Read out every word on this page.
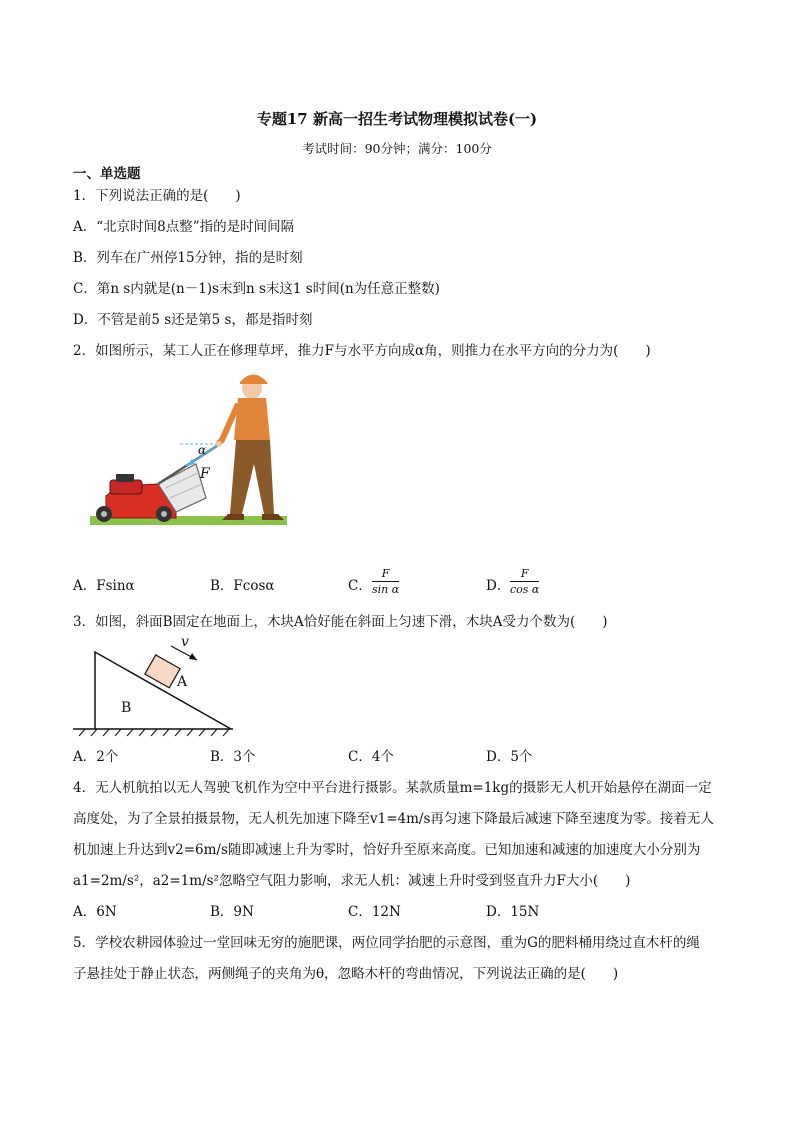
专题17 新高一招生考试物理模拟试卷(一)
考试时间：90分钟；满分：100分
一、单选题
1．下列说法正确的是(　　)
A．“北京时间8点整”指的是时间间隔
B．列车在广州停15分钟，指的是时刻
C．第n s内就是(n－1)s末到n s末这1 s时间(n为任意正整数)
D．不管是前5 s还是第5 s，都是指时刻
2．如图所示，某工人正在修理草坪，推力F与水平方向成α角，则推力在水平方向的分力为(　　)
α
F
A．Fsinα	B．Fcosα	C．
F
sin α	D．
F
cos α
3．如图，斜面B固定在地面上，木块A恰好能在斜面上匀速下滑，木块A受力个数为(　　)
v
A
B
A．2个	B．3个	C．4个	D．5个
4．无人机航拍以无人驾驶飞机作为空中平台进行摄影。某款质量m=1kg的摄影无人机开始悬停在湖面一定
高度处，为了全景拍摄景物，无人机先加速下降至v1=4m/s再匀速下降最后减速下降至速度为零。接着无人
机加速上升达到v2=6m/s随即减速上升为零时，恰好升至原来高度。已知加速和减速的加速度大小分别为
a1=2m/s²，a2=1m/s²忽略空气阻力影响，求无人机：减速上升时受到竖直升力F大小(　　)
A．6N	B．9N	C．12N	D．15N
5．学校农耕园体验过一堂回味无穷的施肥课，两位同学抬肥的示意图，重为G的肥料桶用绕过直木杆的绳
子悬挂处于静止状态，两侧绳子的夹角为θ，忽略木杆的弯曲情况，下列说法正确的是(　　)
